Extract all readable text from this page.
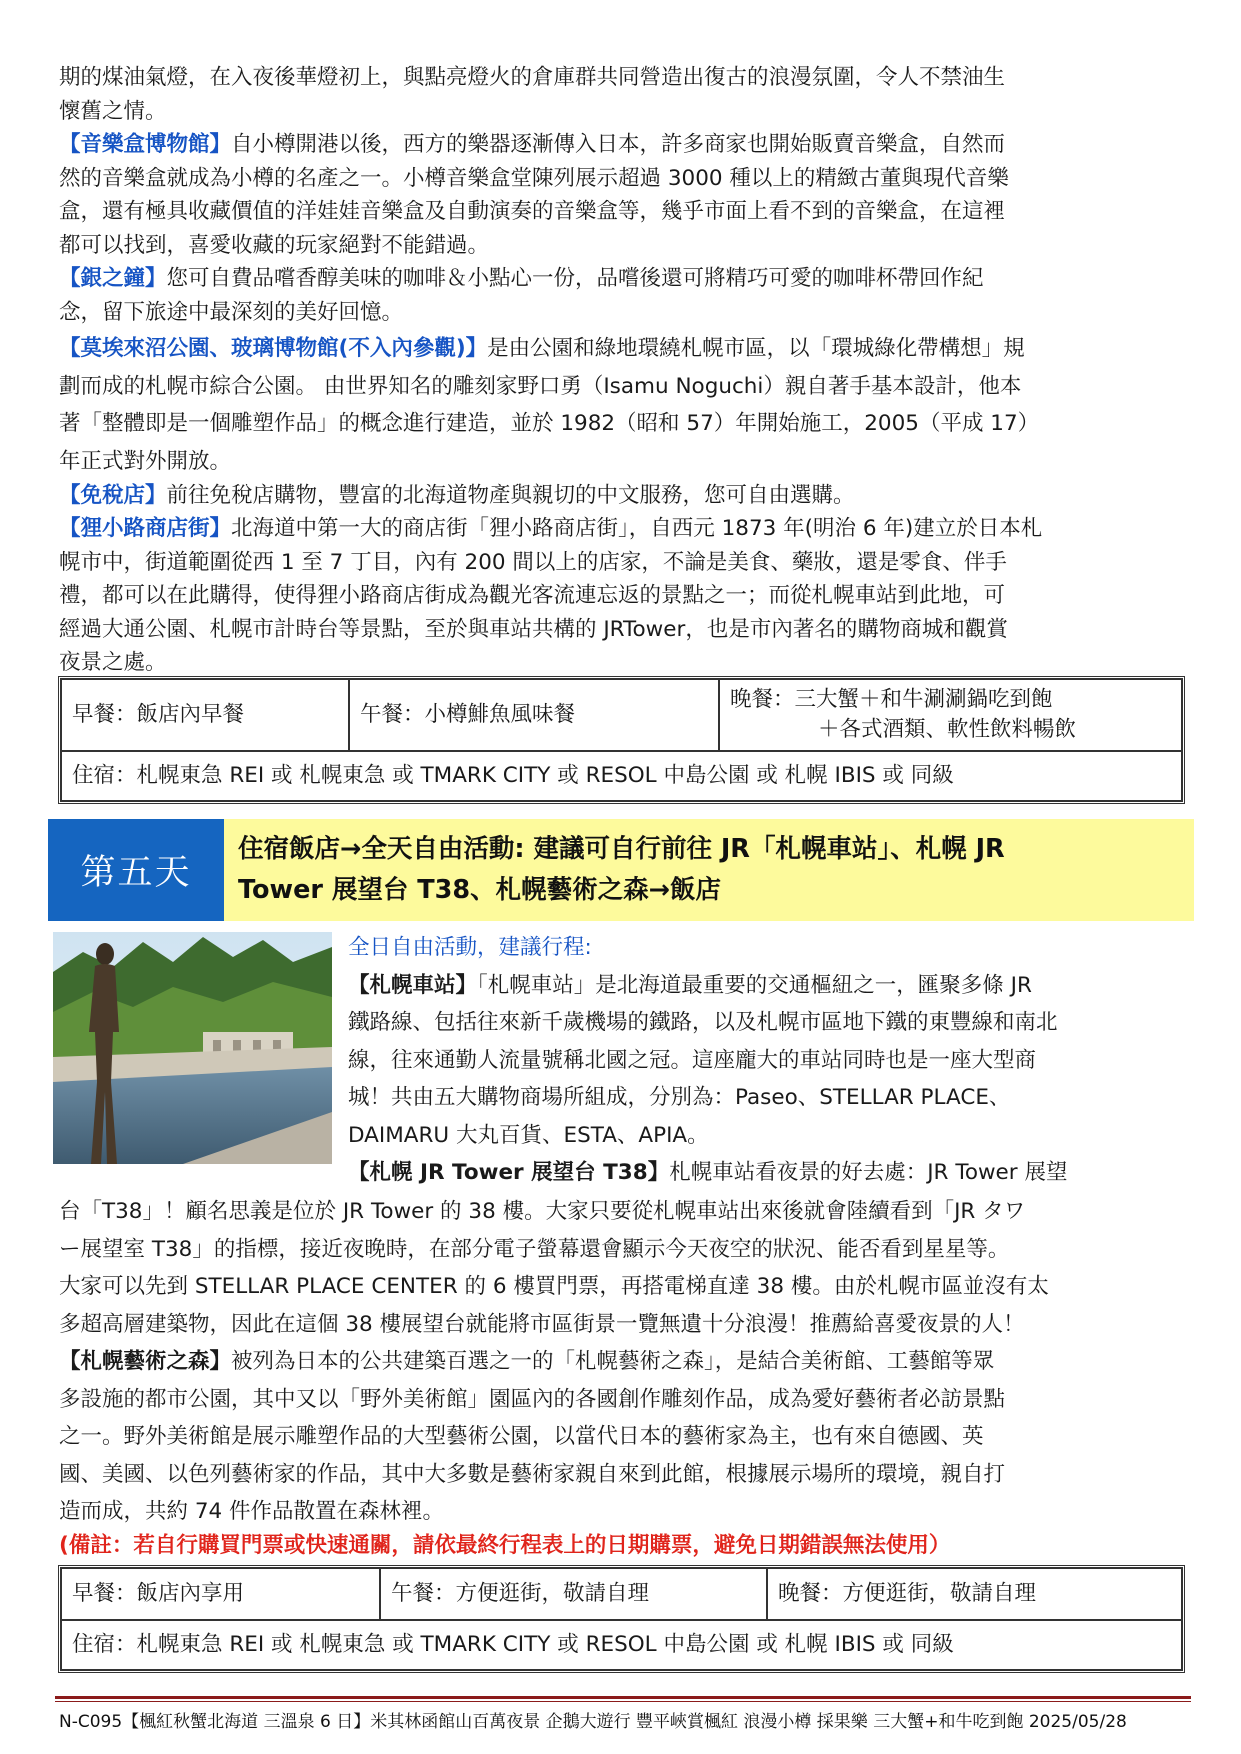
期的煤油氣燈，在入夜後華燈初上，與點亮燈火的倉庫群共同營造出復古的浪漫氛圍，令人不禁油生
懷舊之情。
【音樂盒博物館】自小樽開港以後，西方的樂器逐漸傳入日本，許多商家也開始販賣音樂盒，自然而
然的音樂盒就成為小樽的名產之一。小樽音樂盒堂陳列展示超過 3000 種以上的精緻古董與現代音樂
盒，還有極具收藏價值的洋娃娃音樂盒及自動演奏的音樂盒等，幾乎市面上看不到的音樂盒，在這裡
都可以找到，喜愛收藏的玩家絕對不能錯過。
【銀之鐘】您可自費品嚐香醇美味的咖啡＆小點心一份，品嚐後還可將精巧可愛的咖啡杯帶回作紀
念，留下旅途中最深刻的美好回憶。
【莫埃來沼公園、玻璃博物館(不入內參觀)】是由公園和綠地環繞札幌市區，以「環城綠化帶構想」規
劃而成的札幌市綜合公園。 由世界知名的雕刻家野口勇（Isamu Noguchi）親自著手基本設計，他本
著「整體即是一個雕塑作品」的概念進行建造，並於 1982（昭和 57）年開始施工，2005（平成 17）
年正式對外開放。
【免稅店】前往免稅店購物，豐富的北海道物產與親切的中文服務，您可自由選購。
【狸小路商店街】北海道中第一大的商店街「狸小路商店街」，自西元 1873 年(明治 6 年)建立於日本札
幌市中，街道範圍從西 1 至 7 丁目，內有 200 間以上的店家，不論是美食、藥妝，還是零食、伴手
禮，都可以在此購得，使得狸小路商店街成為觀光客流連忘返的景點之一；而從札幌車站到此地，可
經過大通公園、札幌市計時台等景點，至於與車站共構的 JRTower，也是市內著名的購物商城和觀賞
夜景之處。
早餐：飯店內早餐	午餐：小樽鯡魚風味餐	
晚餐：三大蟹＋和牛涮涮鍋吃到飽
＋各式酒類、軟性飲料暢飲

住宿：札幌東急 REI 或 札幌東急 或 TMARK CITY 或 RESOL 中島公園 或 札幌 IBIS 或 同級
第五天
住宿飯店→全天自由活動: 建議可自行前往 JR「札幌車站」、札幌 JR
Tower 展望台 T38、札幌藝術之森→飯店
全日自由活動，建議行程:
【札幌車站】「札幌車站」是北海道最重要的交通樞紐之一，匯聚多條 JR
鐵路線、包括往來新千歲機場的鐵路，以及札幌市區地下鐵的東豐線和南北
線，往來通勤人流量號稱北國之冠。這座龐大的車站同時也是一座大型商
城！共由五大購物商場所組成，分別為：Paseo、STELLAR PLACE、
DAIMARU 大丸百貨、ESTA、APIA。
【札幌 JR Tower 展望台 T38】札幌車站看夜景的好去處：JR Tower 展望
台「T38」！顧名思義是位於 JR Tower 的 38 樓。大家只要從札幌車站出來後就會陸續看到「JR タワ
ー展望室 T38」的指標，接近夜晚時，在部分電子螢幕還會顯示今天夜空的狀況、能否看到星星等。
大家可以先到 STELLAR PLACE CENTER 的 6 樓買門票，再搭電梯直達 38 樓。由於札幌市區並沒有太
多超高層建築物，因此在這個 38 樓展望台就能將市區街景一覽無遺十分浪漫！推薦給喜愛夜景的人！
【札幌藝術之森】被列為日本的公共建築百選之一的「札幌藝術之森」，是結合美術館、工藝館等眾
多設施的都市公園，其中又以「野外美術館」園區內的各國創作雕刻作品，成為愛好藝術者必訪景點
之一。野外美術館是展示雕塑作品的大型藝術公園，以當代日本的藝術家為主，也有來自德國、英
國、美國、以色列藝術家的作品，其中大多數是藝術家親自來到此館，根據展示場所的環境，親自打
造而成，共約 74 件作品散置在森林裡。
(備註：若自行購買門票或快速通關，請依最終行程表上的日期購票，避免日期錯誤無法使用）
早餐：飯店內享用	午餐：方便逛街，敬請自理	晚餐：方便逛街，敬請自理
住宿：札幌東急 REI 或 札幌東急 或 TMARK CITY 或 RESOL 中島公園 或 札幌 IBIS 或 同級
N-C095【楓紅秋蟹北海道 三溫泉 6 日】米其林函館山百萬夜景 企鵝大遊行 豐平峽賞楓紅 浪漫小樽 採果樂 三大蟹+和牛吃到飽 2025/05/28
